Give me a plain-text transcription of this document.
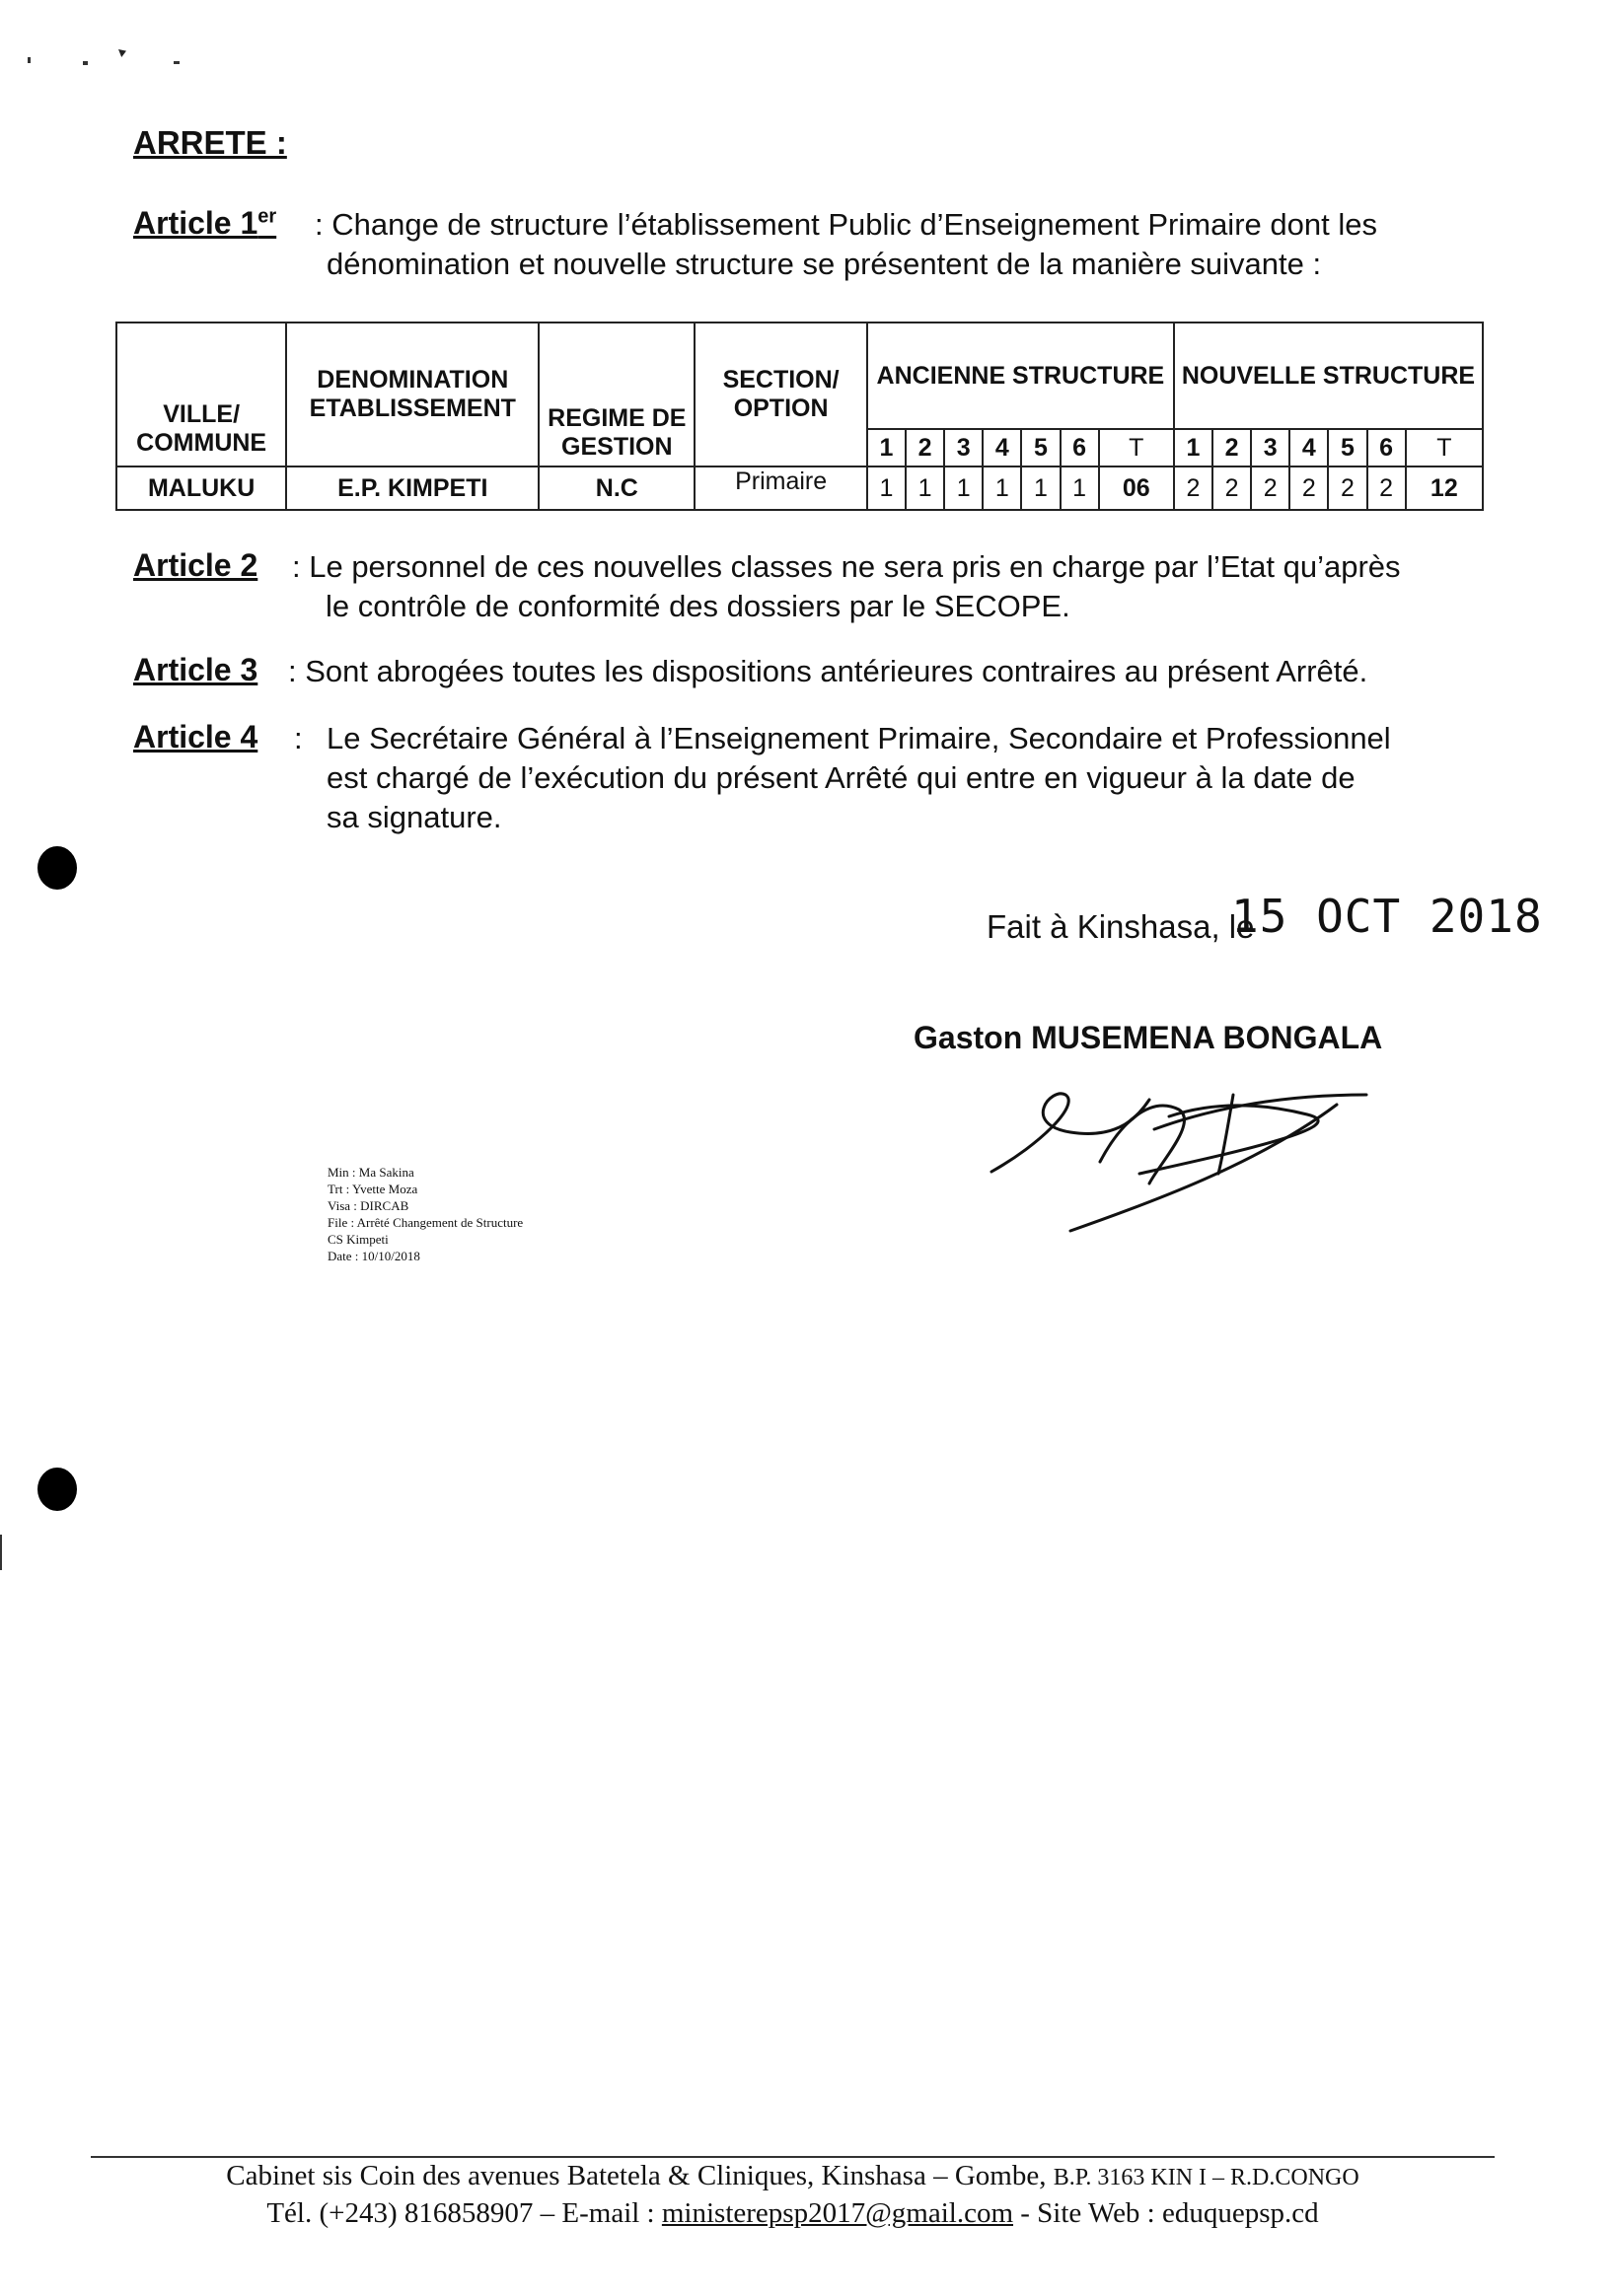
ARRETE :
Article 1er : Change de structure l’établissement Public d’Enseignement Primaire dont les
dénomination et nouvelle structure se présentent de la manière suivante :
VILLE/ COMMUNE	DENOMINATION ETABLISSEMENT	REGIME DE GESTION	SECTION/ OPTION	ANCIENNE STRUCTURE							NOUVELLE STRUCTURE						
				1	2	3	4	5	6	T	1	2	3	4	5	6	T
MALUKU	E.P. KIMPETI	N.C	Primaire	1	1	1	1	1	1	06	2	2	2	2	2	2	12
Article 2 : Le personnel de ces nouvelles classes ne sera pris en charge par l’Etat qu’après
le contrôle de conformité des dossiers par le SECOPE.
Article 3 : Sont abrogées toutes les dispositions antérieures contraires au présent Arrêté.
Article 4 : Le Secrétaire Général à l’Enseignement Primaire, Secondaire et Professionnel
est chargé de l’exécution du présent Arrêté qui entre en vigueur à la date de
sa signature.
Fait à Kinshasa, le
15 OCT 2018
Gaston MUSEMENA BONGALA
Min : Ma Sakina
Trt : Yvette Moza
Visa : DIRCAB
File : Arrêté Changement de Structure
CS Kimpeti
Date : 10/10/2018
Cabinet sis Coin des avenues Batetela & Cliniques, Kinshasa – Gombe, B.P. 3163 KIN I – R.D.CONGO
Tél. (+243) 816858907 – E-mail : ministerepsp2017@gmail.com - Site Web : eduquepsp.cd
